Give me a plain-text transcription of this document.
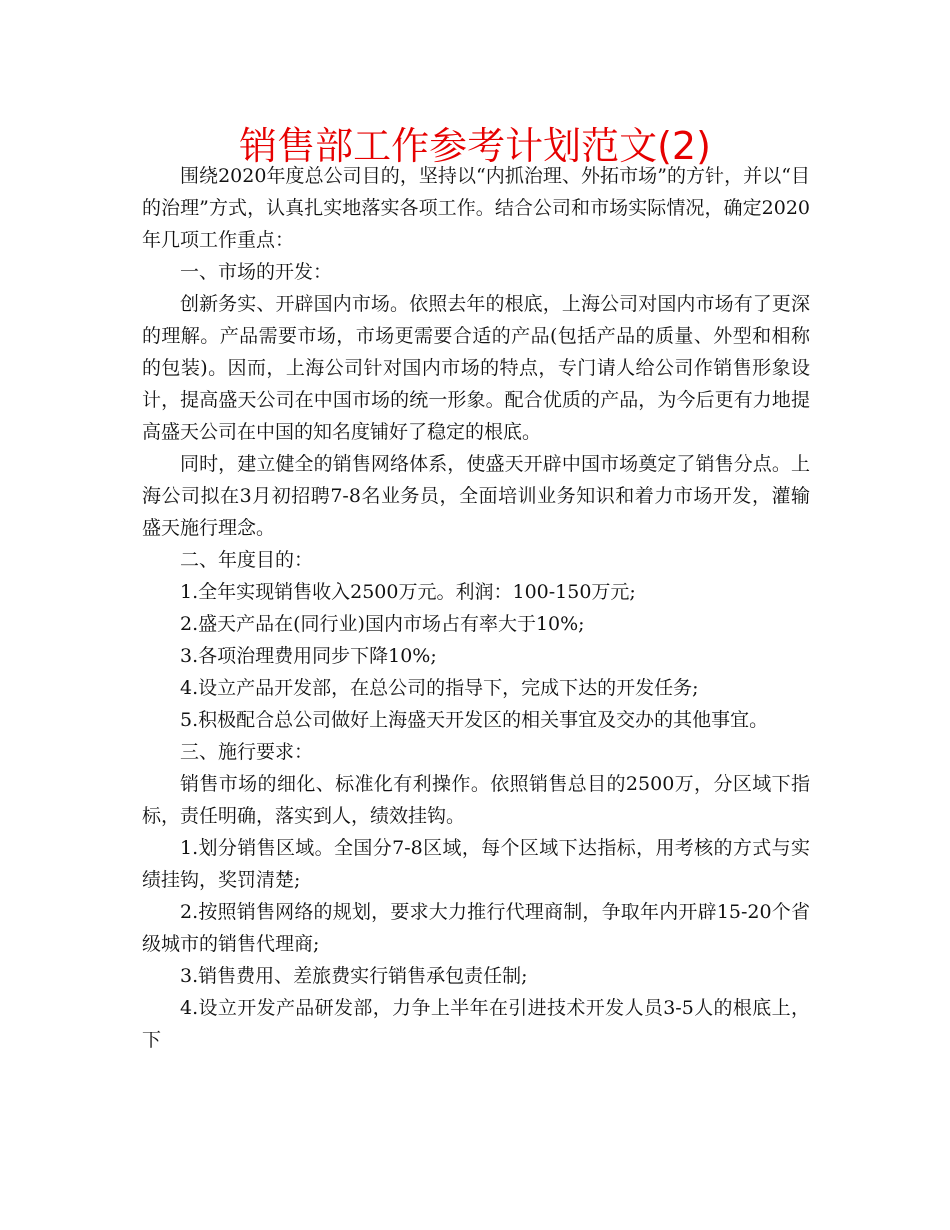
销售部工作参考计划范文(2)

围绕2020年度总公司目的，坚持以“内抓治理、外拓市场”的方针，并以“目的治理”方式，认真扎实地落实各项工作。结合公司和市场实际情况，确定2020年几项工作重点：

一、市场的开发：

创新务实、开辟国内市场。依照去年的根底，上海公司对国内市场有了更深的理解。产品需要市场，市场更需要合适的产品(包括产品的质量、外型和相称的包装)。因而，上海公司针对国内市场的特点，专门请人给公司作销售形象设计，提高盛天公司在中国市场的统一形象。配合优质的产品，为今后更有力地提高盛天公司在中国的知名度铺好了稳定的根底。

同时，建立健全的销售网络体系，使盛天开辟中国市场奠定了销售分点。上海公司拟在3月初招聘7-8名业务员，全面培训业务知识和着力市场开发，灌输盛天施行理念。

二、年度目的：

1.全年实现销售收入2500万元。利润：100-150万元;

2.盛天产品在(同行业)国内市场占有率大于10%;

3.各项治理费用同步下降10%;

4.设立产品开发部，在总公司的指导下，完成下达的开发任务;

5.积极配合总公司做好上海盛天开发区的相关事宜及交办的其他事宜。

三、施行要求：

销售市场的细化、标准化有利操作。依照销售总目的2500万，分区域下指标，责任明确，落实到人，绩效挂钩。

1.划分销售区域。全国分7-8区域，每个区域下达指标，用考核的方式与实绩挂钩，奖罚清楚;

2.按照销售网络的规划，要求大力推行代理商制，争取年内开辟15-20个省级城市的销售代理商;

3.销售费用、差旅费实行销售承包责任制;

4.设立开发产品研发部，力争上半年在引进技术开发人员3-5人的根底上，下
